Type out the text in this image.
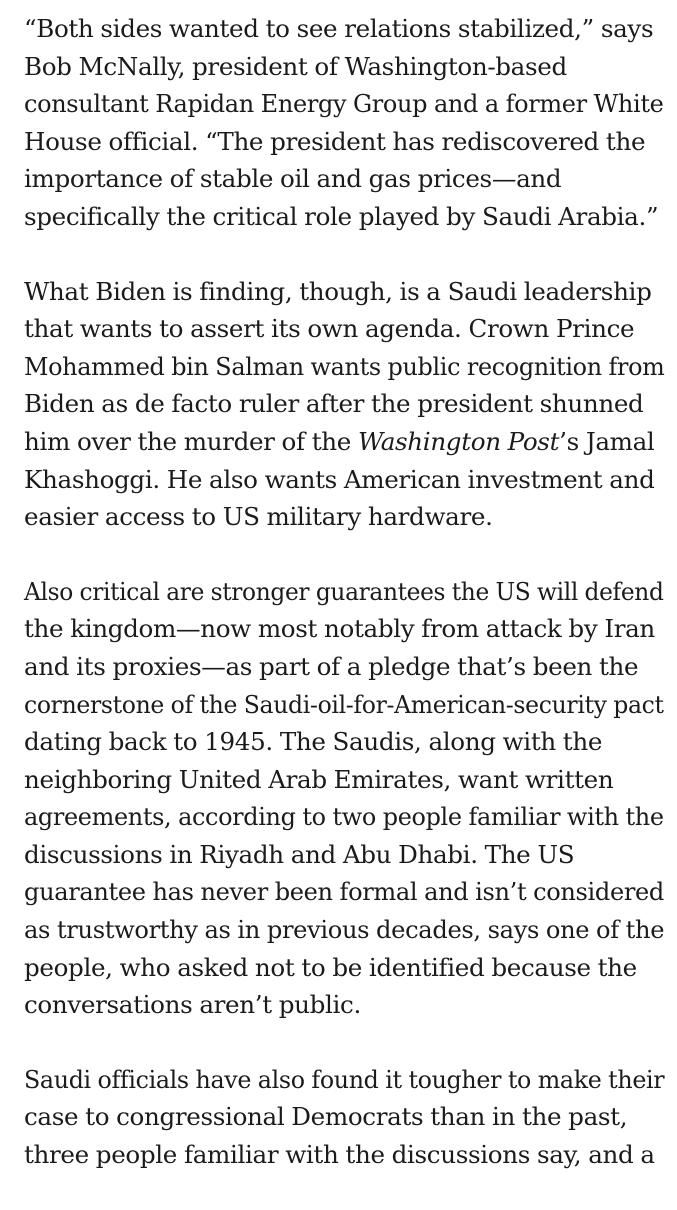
“Both sides wanted to see relations stabilized,” says
Bob McNally, president of Washington-based
consultant Rapidan Energy Group and a former White
House official. “The president has rediscovered the
importance of stable oil and gas prices—and
specifically the critical role played by Saudi Arabia.”

What Biden is finding, though, is a Saudi leadership
that wants to assert its own agenda. Crown Prince
Mohammed bin Salman wants public recognition from
Biden as de facto ruler after the president shunned
him over the murder of the Washington Post’s Jamal
Khashoggi. He also wants American investment and
easier access to US military hardware.

Also critical are stronger guarantees the US will defend
the kingdom—now most notably from attack by Iran
and its proxies—as part of a pledge that’s been the
cornerstone of the Saudi-oil-for-American-security pact
dating back to 1945. The Saudis, along with the
neighboring United Arab Emirates, want written
agreements, according to two people familiar with the
discussions in Riyadh and Abu Dhabi. The US
guarantee has never been formal and isn’t considered
as trustworthy as in previous decades, says one of the
people, who asked not to be identified because the
conversations aren’t public.

Saudi officials have also found it tougher to make their
case to congressional Democrats than in the past,
three people familiar with the discussions say, and a
